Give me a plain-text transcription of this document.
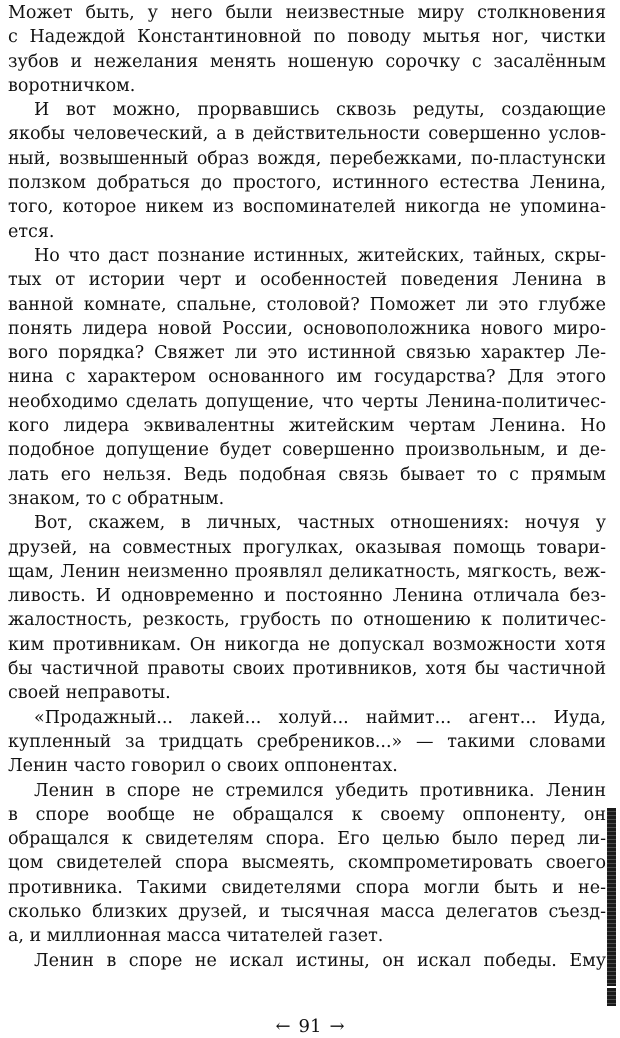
Может быть, у него были неизвестные миру столкновения
с Надеждой Константиновной по поводу мытья ног, чистки
зубов и нежелания менять ношеную сорочку с засалённым
воротничком.
И вот можно, прорвавшись сквозь редуты, создающие
якобы человеческий, а в действительности совершенно услов-
ный, возвышенный образ вождя, перебежками, по-пластунски
ползком добраться до простого, истинного естества Ленина,
того, которое никем из воспоминателей никогда не упомина-
ется.
Но что даст познание истинных, житейских, тайных, скры-
тых от истории черт и особенностей поведения Ленина в
ванной комнате, спальне, столовой? Поможет ли это глубже
понять лидера новой России, основоположника нового миро-
вого порядка? Свяжет ли это истинной связью характер Ле-
нина с характером основанного им государства? Для этого
необходимо сделать допущение, что черты Ленина-политичес-
кого лидера эквивалентны житейским чертам Ленина. Но
подобное допущение будет совершенно произвольным, и де-
лать его нельзя. Ведь подобная связь бывает то с прямым
знаком, то с обратным.
Вот, скажем, в личных, частных отношениях: ночуя у
друзей, на совместных прогулках, оказывая помощь товари-
щам, Ленин неизменно проявлял деликатность, мягкость, веж-
ливость. И одновременно и постоянно Ленина отличала без-
жалостность, резкость, грубость по отношению к политичес-
ким противникам. Он никогда не допускал возможности хотя
бы частичной правоты своих противников, хотя бы частичной
своей неправоты.
«Продажный... лакей... холуй... наймит... агент... Иуда,
купленный за тридцать сребреников...» — такими словами
Ленин часто говорил о своих оппонентах.
Ленин в споре не стремился убедить противника. Ленин
в споре вообще не обращался к своему оппоненту, он
обращался к свидетелям спора. Его целью было перед ли-
цом свидетелей спора высмеять, скомпрометировать своего
противника. Такими свидетелями спора могли быть и не-
сколько близких друзей, и тысячная масса делегатов съезд-
а, и миллионная масса читателей газет.
Ленин в споре не искал истины, он искал победы. Ему
← 91 →
